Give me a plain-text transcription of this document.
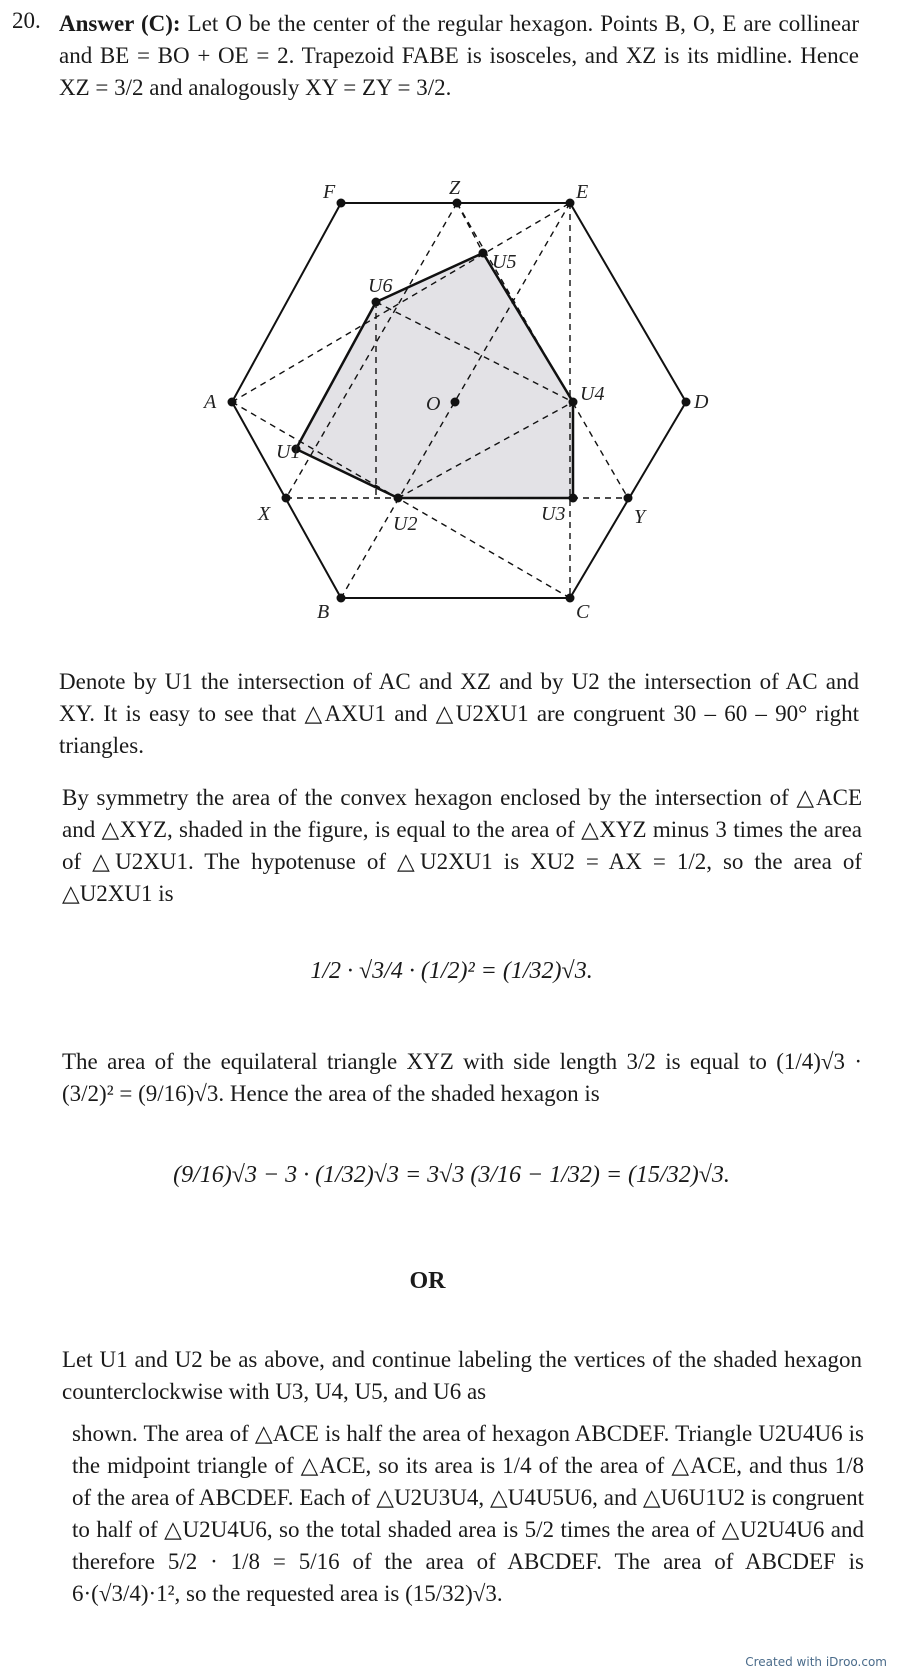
20. Answer (C): Let O be the center of the regular hexagon. Points B, O, E are collinear and BE = BO + OE = 2. Trapezoid FABE is isosceles, and XZ is its midline. Hence XZ = 3/2 and analogously XY = ZY = 3/2.
F	Z	E
U5
U6
A	O	U4	D
U1
X	U2	U3	Y
B	C
Denote by U1 the intersection of AC and XZ and by U2 the intersection of AC and XY. It is easy to see that △AXU1 and △U2XU1 are congruent 30 – 60 – 90° right triangles.
By symmetry the area of the convex hexagon enclosed by the intersection of △ACE and △XYZ, shaded in the figure, is equal to the area of △XYZ minus 3 times the area of △U2XU1. The hypotenuse of △U2XU1 is XU2 = AX = 1/2, so the area of △U2XU1 is
1/2 · √3/4 · (1/2)² = (1/32)√3.
The area of the equilateral triangle XYZ with side length 3/2 is equal to (1/4)√3 · (3/2)² = (9/16)√3. Hence the area of the shaded hexagon is
(9/16)√3 − 3 · (1/32)√3 = 3√3 (3/16 − 1/32) = (15/32)√3.
OR
Let U1 and U2 be as above, and continue labeling the vertices of the shaded hexagon counterclockwise with U3, U4, U5, and U6 as
shown. The area of △ACE is half the area of hexagon ABCDEF. Triangle U2U4U6 is the midpoint triangle of △ACE, so its area is 1/4 of the area of △ACE, and thus 1/8 of the area of ABCDEF. Each of △U2U3U4, △U4U5U6, and △U6U1U2 is congruent to half of △U2U4U6, so the total shaded area is 5/2 times the area of △U2U4U6 and therefore 5/2 · 1/8 = 5/16 of the area of ABCDEF. The area of ABCDEF is 6·(√3/4)·1², so the requested area is (15/32)√3.
Created with iDroo.com
